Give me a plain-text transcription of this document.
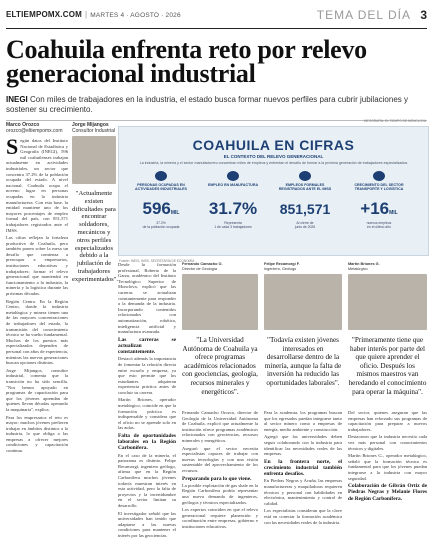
ELTIEMPOMX.COM | MARTES 4 · AGOSTO · 2026	TEMA DEL DÍA 3
Coahuila enfrenta reto por relevo generacional industrial
INEGI Con miles de trabajadores en la industria, el estado busca formar nuevos perfiles para cubrir jubilaciones y sostener su crecimiento.
Marco Orozco
orozco@eltiempomx.com

Según datos del Instituto Nacional de Estadística y Geografía (INEGI), 596 mil coahuilenses trabajan actualmente en actividades industriales, un sector que concentra 37.2% de la población ocupada del estado. A nivel nacional, Coahuila ocupa el noveno lugar en personas ocupadas en la industria manufacturera. Con esta base, la entidad mantiene uno de los mayores porcentajes de empleo formal del país, con 851,571 trabajadores registrados ante el IMSS.

Las cifras reflejan la fortaleza productiva de Coahuila, pero también ponen sobre la mesa un desafío que comienza a preocupar a empresarios, instituciones educativas y trabajadores: formar el relevo generacional que mantendrá en funcionamiento a la industria, la minería y la logística durante las próximas décadas.

Región Centro. En la Región Centro, donde la industria metalúrgica y minera tienen una de las mayores concentraciones de trabajadores del estado, la transmisión del conocimiento técnico se ha vuelto fundamental. Muchos de los puestos más especializados dependen de personal con años de experiencia, mientras las nuevas generaciones buscan opciones distintas.

Jorge Mijangos, consultor industrial, comenta que la transición no ha sido sencilla. "Nos hemos apoyado en programas de capacitación para que los jóvenes aprendan de quienes llevan décadas operando la maquinaria", explica.

Para los empresarios el reto es mayor: muchos jóvenes prefieren trabajar en ámbitos distintos a la industria, lo que obliga a las empresas a ofrecer mejores condiciones y capacitación continua.

Jorge Mijangos
Consultor Industrial
"Actualmente existen dificultades para encontrar soldadores, mecánicos y otros perfiles especializados debido a la jubilación de trabajadores experimentados".
INFOGRAFÍA: EL TIEMPO DE MONCLOVA
COAHUILA EN CIFRAS
EL CONTEXTO DEL RELEVO GENERACIONAL
La industria, la minería y el sector manufacturero concentran miles de empleos y enfrentan el desafío de formar a la próxima generación de trabajadores especializados.
PERSONAS OCUPADAS EN ACTIVIDADES INDUSTRIALES
596MIL
37.2%
de la población ocupada
EMPLEO EN MANUFACTURA
31.7%
Representa
1 de cada 3 trabajadores
EMPLEOS FORMALES REGISTRADOS ANTE EL IMSS
851,571
Al cierre de
junio de 2026
CRECIMIENTO DEL SECTOR TRANSPORTE Y LOGÍSTICA
+16MIL
nuevos empleos
en el último año
Fuente: INEGI, IMSS, SECRETARÍA DE ECONOMÍA

Desde la formación profesional, Roberto de la Garza, académico del Instituto Tecnológico Superior de Monclova, explicó que las carreras se actualizan constantemente para responder a la demanda de la industria. Incorporando contenidos relacionados con automatización, robótica, inteligencia artificial y manufactura avanzada.

Las carreras se actualizan constantemente.

Destacó además la importancia de fomentar la relación directa entre escuela y empresa, ya que esto permite que los estudiantes adquieran experiencia práctica antes de concluir su carrera.

Martín Briones, operador metalúrgico, coincide en que la formación práctica es indispensable y considera que el oficio no se aprende solo en las aulas.

Falta de oportunidades laborales en la Región Carbonífera.

En el caso de la minería, el panorama es distinto. Felipe Recamorgí, ingeniero geólogo, afirma que en la Región Carbonífera muchos jóvenes todavía muestran interés en esta actividad, pero la falta de proyectos y la incertidumbre en el sector limitan su desarrollo.

El investigador señaló que las universidades han tenido que adaptarse a las nuevas condiciones para mantener el interés por las geociencias.

Fernando Camacho O.
Director de Geología
Felipe Recamorgí F.
Ingeniero, Geólogo
Martín Briones G.
Metalúrgico
"La Universidad Autónoma de Coahuila ya ofrece programas académicos relacionados con geociencias, geología, recursos minerales y energéticos".
"Todavía existen jóvenes interesados en desarrollarse dentro de la minería, aunque la falta de inversión ha reducido las oportunidades laborales".
"Primeramente tiene que haber interés por parte del que quiere aprender el oficio. Después los mismos maestros van heredando el conocimiento para operar la máquina".

Fernando Camacho Orozco, director de Geología de la Universidad Autónoma de Coahuila, explicó que actualmente la institución ofrece programas académicos relacionados con geociencias, recursos minerales y energéticos.

Aseguró que el sector necesita especialistas capaces de trabajar con nuevas tecnologías y con una visión sustentable del aprovechamiento de los recursos.

Preparando para lo que viene.

La posible explotación de gas shale en la Región Carbonífera podría representar una nueva demanda de ingenieros, geólogos y técnicos especializados.

Los expertos coinciden en que el relevo generacional requiere planeación y coordinación entre empresas, gobierno e instituciones educativas.

Para la academia, los programas buscan que los egresados puedan integrarse tanto al sector minero como a empresas de energía, medio ambiente y construcción.

Agregó que las universidades deben seguir colaborando con la industria para identificar las necesidades reales de las empresas.

En la frontera norte, el crecimiento industrial también enfrenta desafíos.

En Piedras Negras y Acuña, las empresas manufactureras y maquiladoras requieren técnicos y personal con habilidades en electrónica, mantenimiento y control de calidad.

Los especialistas consideran que la clave está en conectar la formación académica con las necesidades reales de la industria.

Del sector, quienes aseguran que las empresas han reforzado sus programas de capacitación para preparar a nuevos trabajadores.

Destacaron que la industria necesita cada vez más personal con conocimientos técnicos y digitales.

Martín Briones G., operador metalúrgico, señaló que la formación técnica es fundamental para que los jóvenes puedan integrarse a la industria con mayor seguridad.

Colaboración de Gibrán Ortiz de Piedras Negras y Melanie Flores de Región Carbonífera.
